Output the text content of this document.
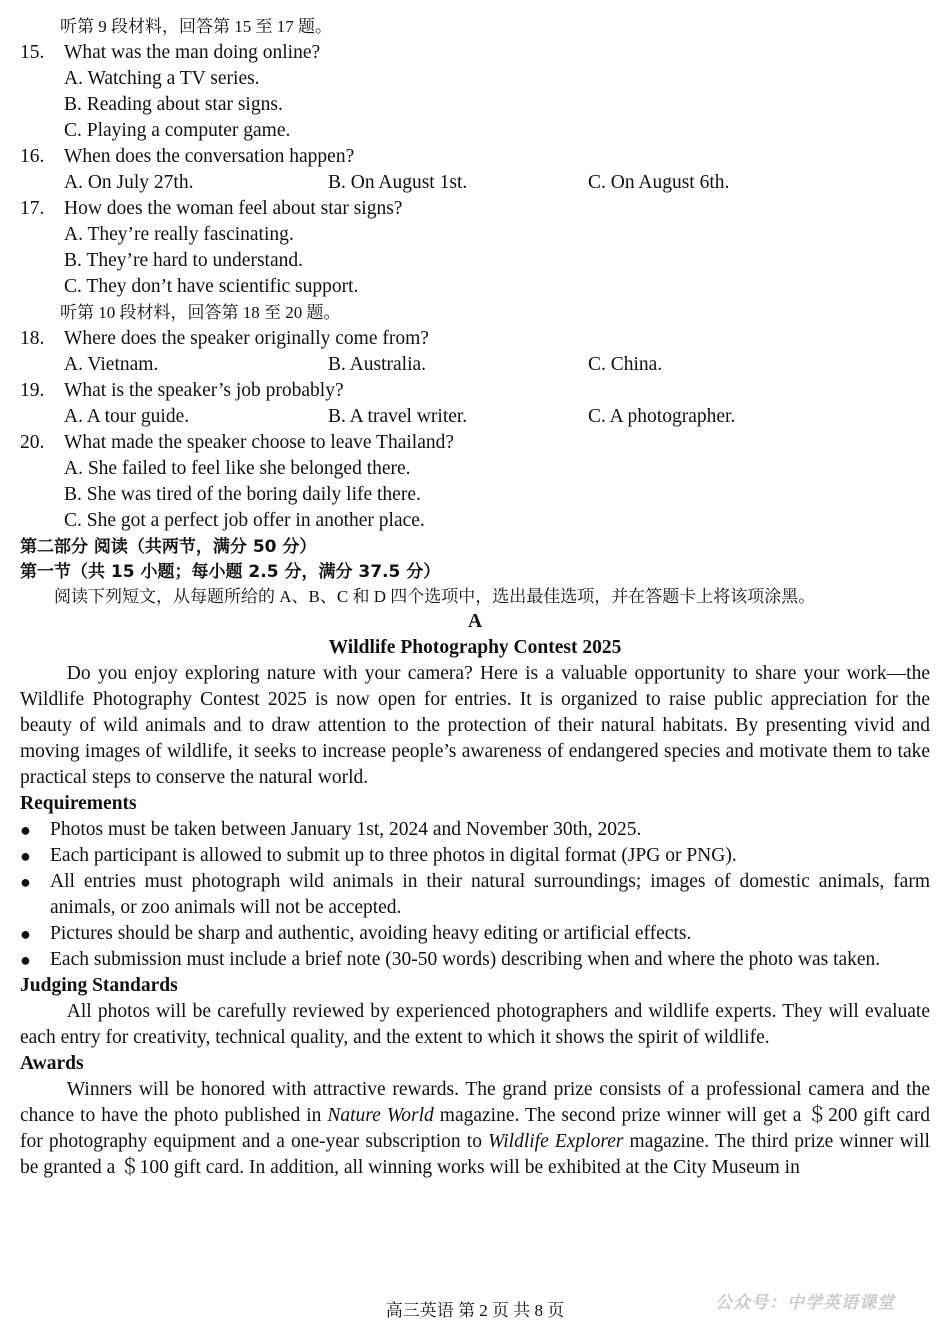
听第 9 段材料，回答第 15 至 17 题。
15.	What was the man doing online?
A. Watching a TV series.
B. Reading about star signs.
C. Playing a computer game.
16.	When does the conversation happen?
A. On July 27th.	B. On August 1st.	C. On August 6th.
17.	How does the woman feel about star signs?
A. They’re really fascinating.
B. They’re hard to understand.
C. They don’t have scientific support.
听第 10 段材料，回答第 18 至 20 题。
18.	Where does the speaker originally come from?
A. Vietnam.	B. Australia.	C. China.
19.	What is the speaker’s job probably?
A. A tour guide.	B. A travel writer.	C. A photographer.
20.	What made the speaker choose to leave Thailand?
A. She failed to feel like she belonged there.
B. She was tired of the boring daily life there.
C. She got a perfect job offer in another place.
第二部分 阅读（共两节，满分 50 分）
第一节（共 15 小题；每小题 2.5 分，满分 37.5 分）
阅读下列短文，从每题所给的 A、B、C 和 D 四个选项中，选出最佳选项，并在答题卡上将该项涂黑。
A
Wildlife Photography Contest 2025
Do you enjoy exploring nature with your camera? Here is a valuable opportunity to share your work—the Wildlife Photography Contest 2025 is now open for entries. It is organized to raise public appreciation for the beauty of wild animals and to draw attention to the protection of their natural habitats. By presenting vivid and moving images of wildlife, it seeks to increase people’s awareness of endangered species and motivate them to take practical steps to conserve the natural world.
Requirements
● Photos must be taken between January 1st, 2024 and November 30th, 2025.
● Each participant is allowed to submit up to three photos in digital format (JPG or PNG).
● All entries must photograph wild animals in their natural surroundings; images of domestic animals, farm animals, or zoo animals will not be accepted.
● Pictures should be sharp and authentic, avoiding heavy editing or artificial effects.
● Each submission must include a brief note (30-50 words) describing when and where the photo was taken.
Judging Standards
All photos will be carefully reviewed by experienced photographers and wildlife experts. They will evaluate each entry for creativity, technical quality, and the extent to which it shows the spirit of wildlife.
Awards
Winners will be honored with attractive rewards. The grand prize consists of a professional camera and the chance to have the photo published in Nature World magazine. The second prize winner will get a ＄200 gift card for photography equipment and a one-year subscription to Wildlife Explorer magazine. The third prize winner will be granted a ＄100 gift card. In addition, all winning works will be exhibited at the City Museum in
高三英语 第 2 页 共 8 页	公众号：中学英语课堂
